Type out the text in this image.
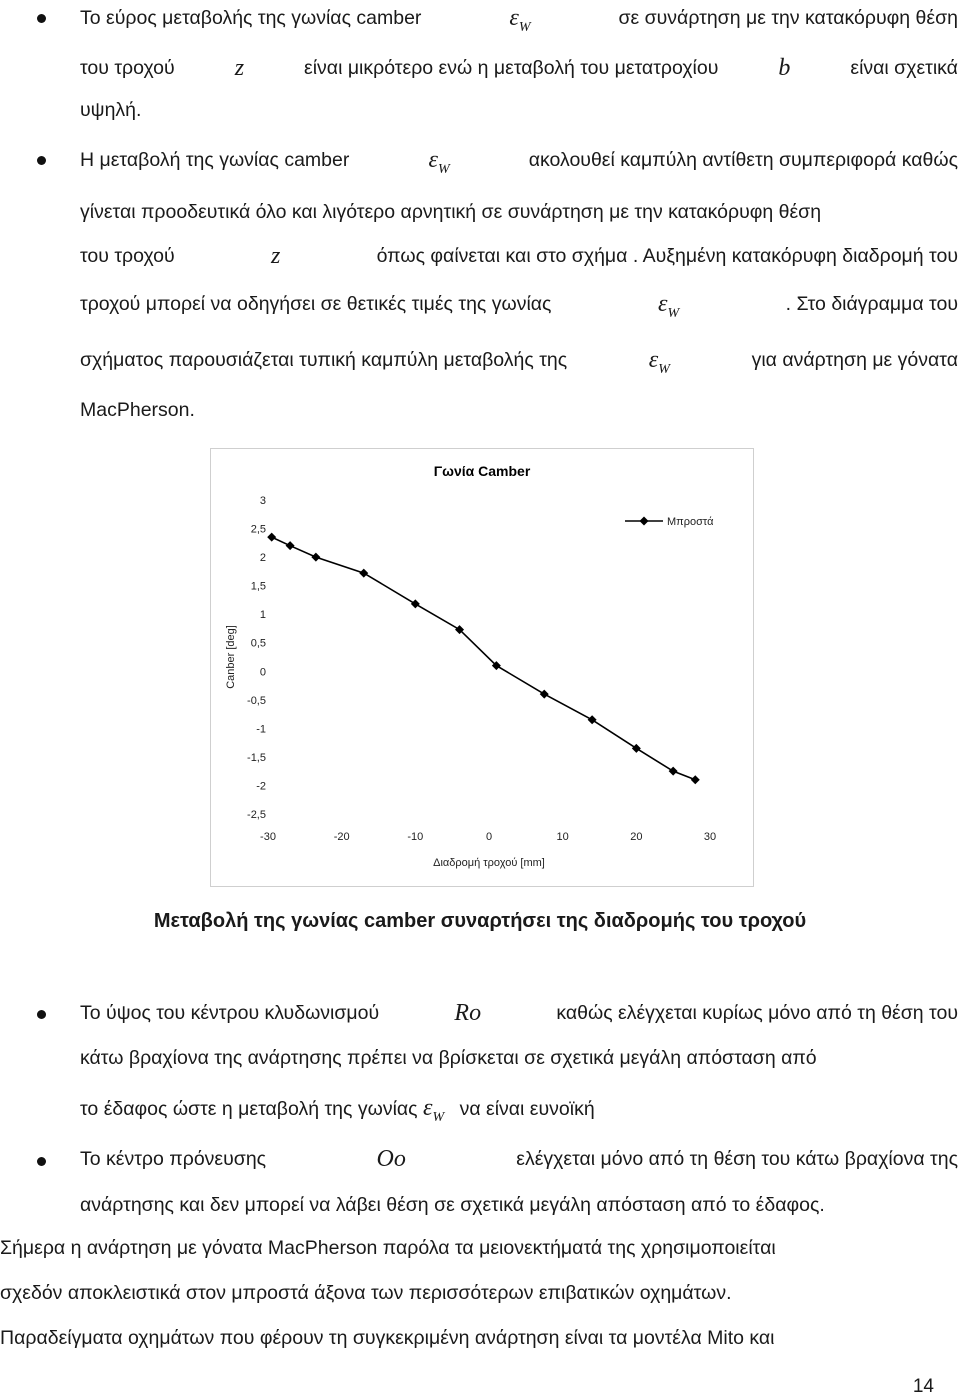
Το εύρος μεταβολής της γωνίας camber	$\varepsilon_W$	σε συνάρτηση με την κατακόρυφη θέση
του τροχού z	είναι μικρότερο ενώ η μεταβολή του μετατροχίου b	είναι σχετικά
υψηλή.
Η μεταβολή της γωνίας camber	$\varepsilon_W$	ακολουθεί καμπύλη αντίθετη συμπεριφορά καθώς
γίνεται προοδευτικά όλο και λιγότερο αρνητική σε συνάρτηση με την κατακόρυφη θέση
του τροχού	z	όπως φαίνεται και στο σχήμα . Αυξημένη κατακόρυφη διαδρομή του
τροχού μπορεί να οδηγήσει σε θετικές τιμές της γωνίας	$\varepsilon_W$	. Στο διάγραμμα του
σχήματος παρουσιάζεται τυπική καμπύλη μεταβολής της	$\varepsilon_W$	για ανάρτηση με γόνατα
MacPherson.
Γωνία Camber
3
2,5
2
1,5
1
0,5
0
-0,5
-1
-1,5
-2
-2,5
-30	-20	-10	0	10	20	30
Διαδρομή τροχού [mm]
Canber [deg]
Μπροστά
Μεταβολή της γωνίας camber συναρτήσει της διαδρομής του τροχού
Το ύψος του κέντρου κλυδωνισμού	Ro	καθώς ελέγχεται κυρίως μόνο από τη θέση του
κάτω βραχίονα της ανάρτησης πρέπει να βρίσκεται σε σχετικά μεγάλη απόσταση από
το έδαφος ώστε η μεταβολή της γωνίας $\varepsilon_W$ να είναι ευνοϊκή
Το κέντρο πρόνευσης	Oo	ελέγχεται μόνο από τη θέση του κάτω βραχίονα της
ανάρτησης και δεν μπορεί να λάβει θέση σε σχετικά μεγάλη απόσταση από το έδαφος.
Σήμερα η ανάρτηση με γόνατα MacPherson παρόλα τα μειονεκτήματά της χρησιμοποιείται
σχεδόν αποκλειστικά στον μπροστά άξονα των περισσότερων επιβατικών οχημάτων.
Παραδείγματα οχημάτων που φέρουν τη συγκεκριμένη ανάρτηση είναι τα μοντέλα Mito και
14
